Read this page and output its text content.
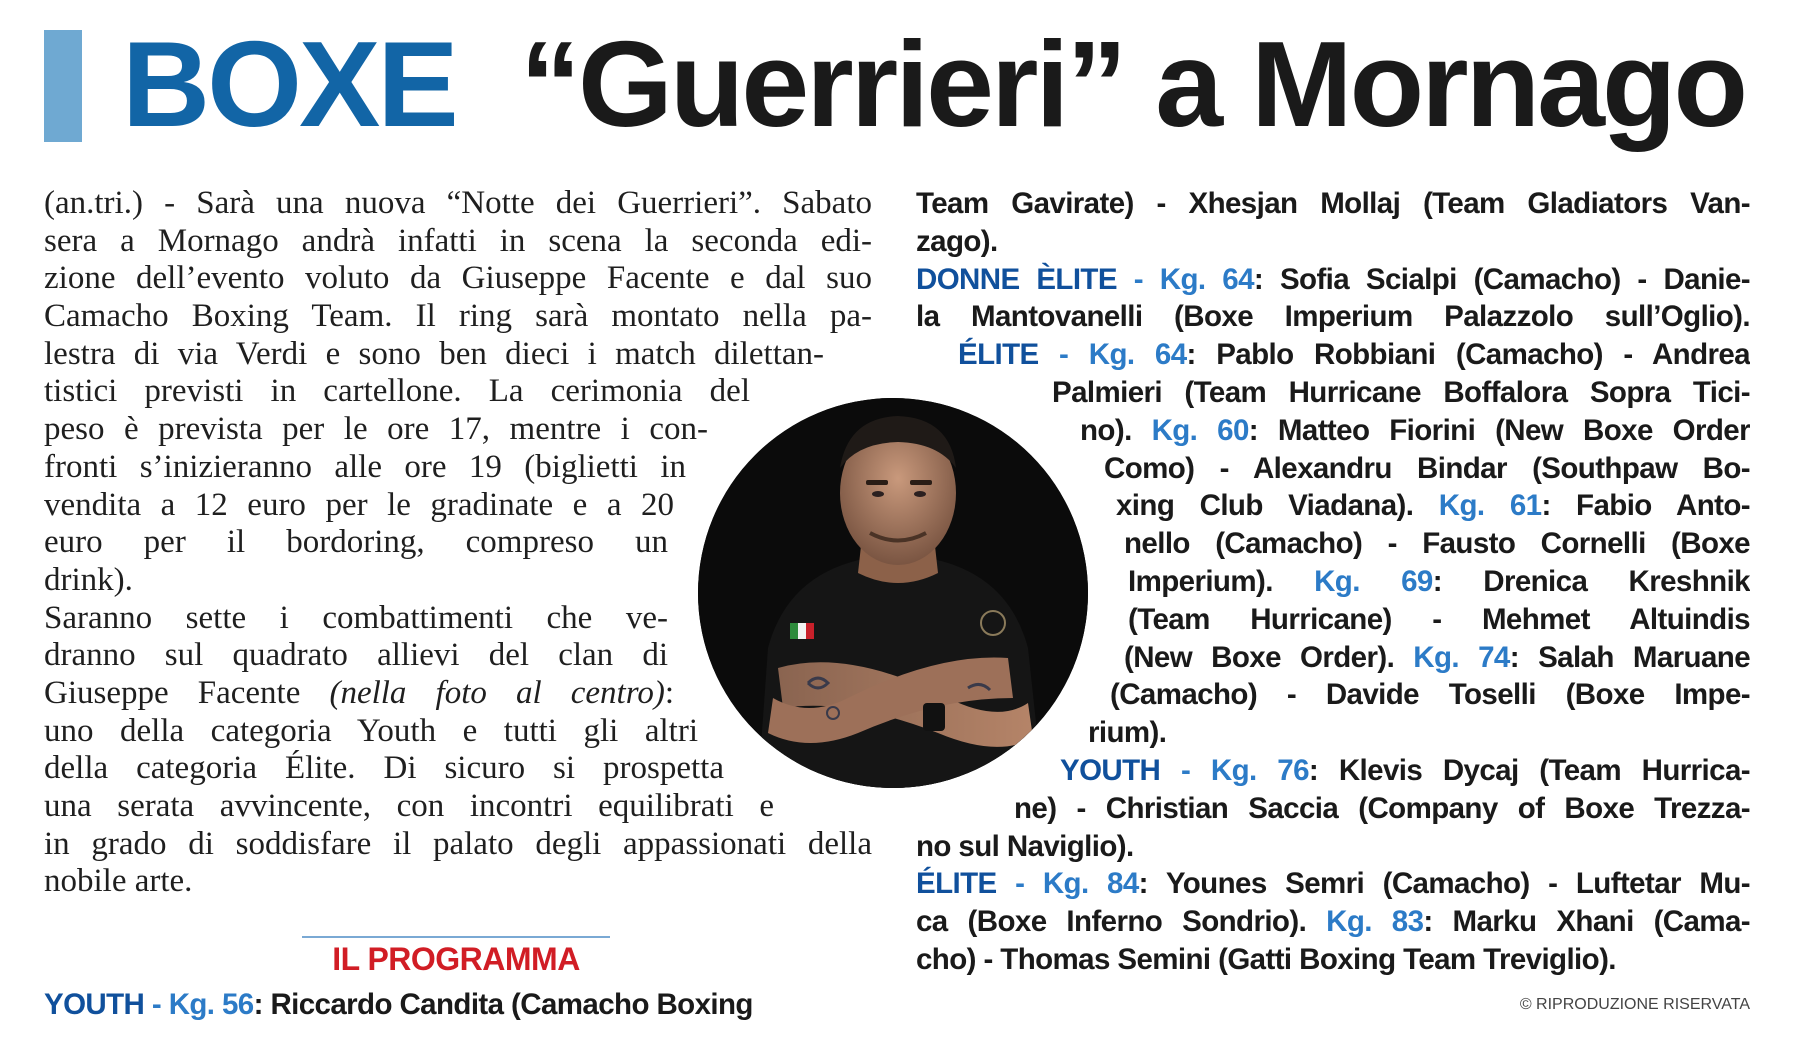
BOXE “Guerrieri” a Mornago
(an.tri.) - Sarà una nuova “Notte dei Guerrieri”. Sabato
sera a Mornago andrà infatti in scena la seconda edi-
zione dell’evento voluto da Giuseppe Facente e dal suo
Camacho Boxing Team. Il ring sarà montato nella pa-
lestra di via Verdi e sono ben dieci i match dilettan-
tistici previsti in cartellone. La cerimonia del
peso è prevista per le ore 17, mentre i con-
fronti s’inizieranno alle ore 19 (biglietti in
vendita a 12 euro per le gradinate e a 20
euro per il bordoring, compreso un
drink).
Saranno sette i combattimenti che ve-
dranno sul quadrato allievi del clan di
Giuseppe Facente (nella foto al centro):
uno della categoria Youth e tutti gli altri
della categoria Élite. Di sicuro si prospetta
una serata avvincente, con incontri equilibrati e
in grado di soddisfare il palato degli appassionati della
nobile arte.
IL PROGRAMMA
YOUTH - Kg. 56: Riccardo Candita (Camacho Boxing
Team Gavirate) - Xhesjan Mollaj (Team Gladiators Van-
zago).
DONNE ÈLITE - Kg. 64: Sofia Scialpi (Camacho) - Danie-
la Mantovanelli (Boxe Imperium Palazzolo sull’Oglio).
ÉLITE - Kg. 64: Pablo Robbiani (Camacho) - Andrea
Palmieri (Team Hurricane Boffalora Sopra Tici-
no). Kg. 60: Matteo Fiorini (New Boxe Order
Como) - Alexandru Bindar (Southpaw Bo-
xing Club Viadana). Kg. 61: Fabio Anto-
nello (Camacho) - Fausto Cornelli (Boxe
Imperium). Kg. 69: Drenica Kreshnik
(Team Hurricane) - Mehmet Altuindis
(New Boxe Order). Kg. 74: Salah Maruane
(Camacho) - Davide Toselli (Boxe Impe-
rium).
YOUTH - Kg. 76: Klevis Dycaj (Team Hurrica-
ne) - Christian Saccia (Company of Boxe Trezza-
no sul Naviglio).
ÉLITE - Kg. 84: Younes Semri (Camacho) - Luftetar Mu-
ca (Boxe Inferno Sondrio). Kg. 83: Marku Xhani (Cama-
cho) - Thomas Semini (Gatti Boxing Team Treviglio).
© RIPRODUZIONE RISERVATA
